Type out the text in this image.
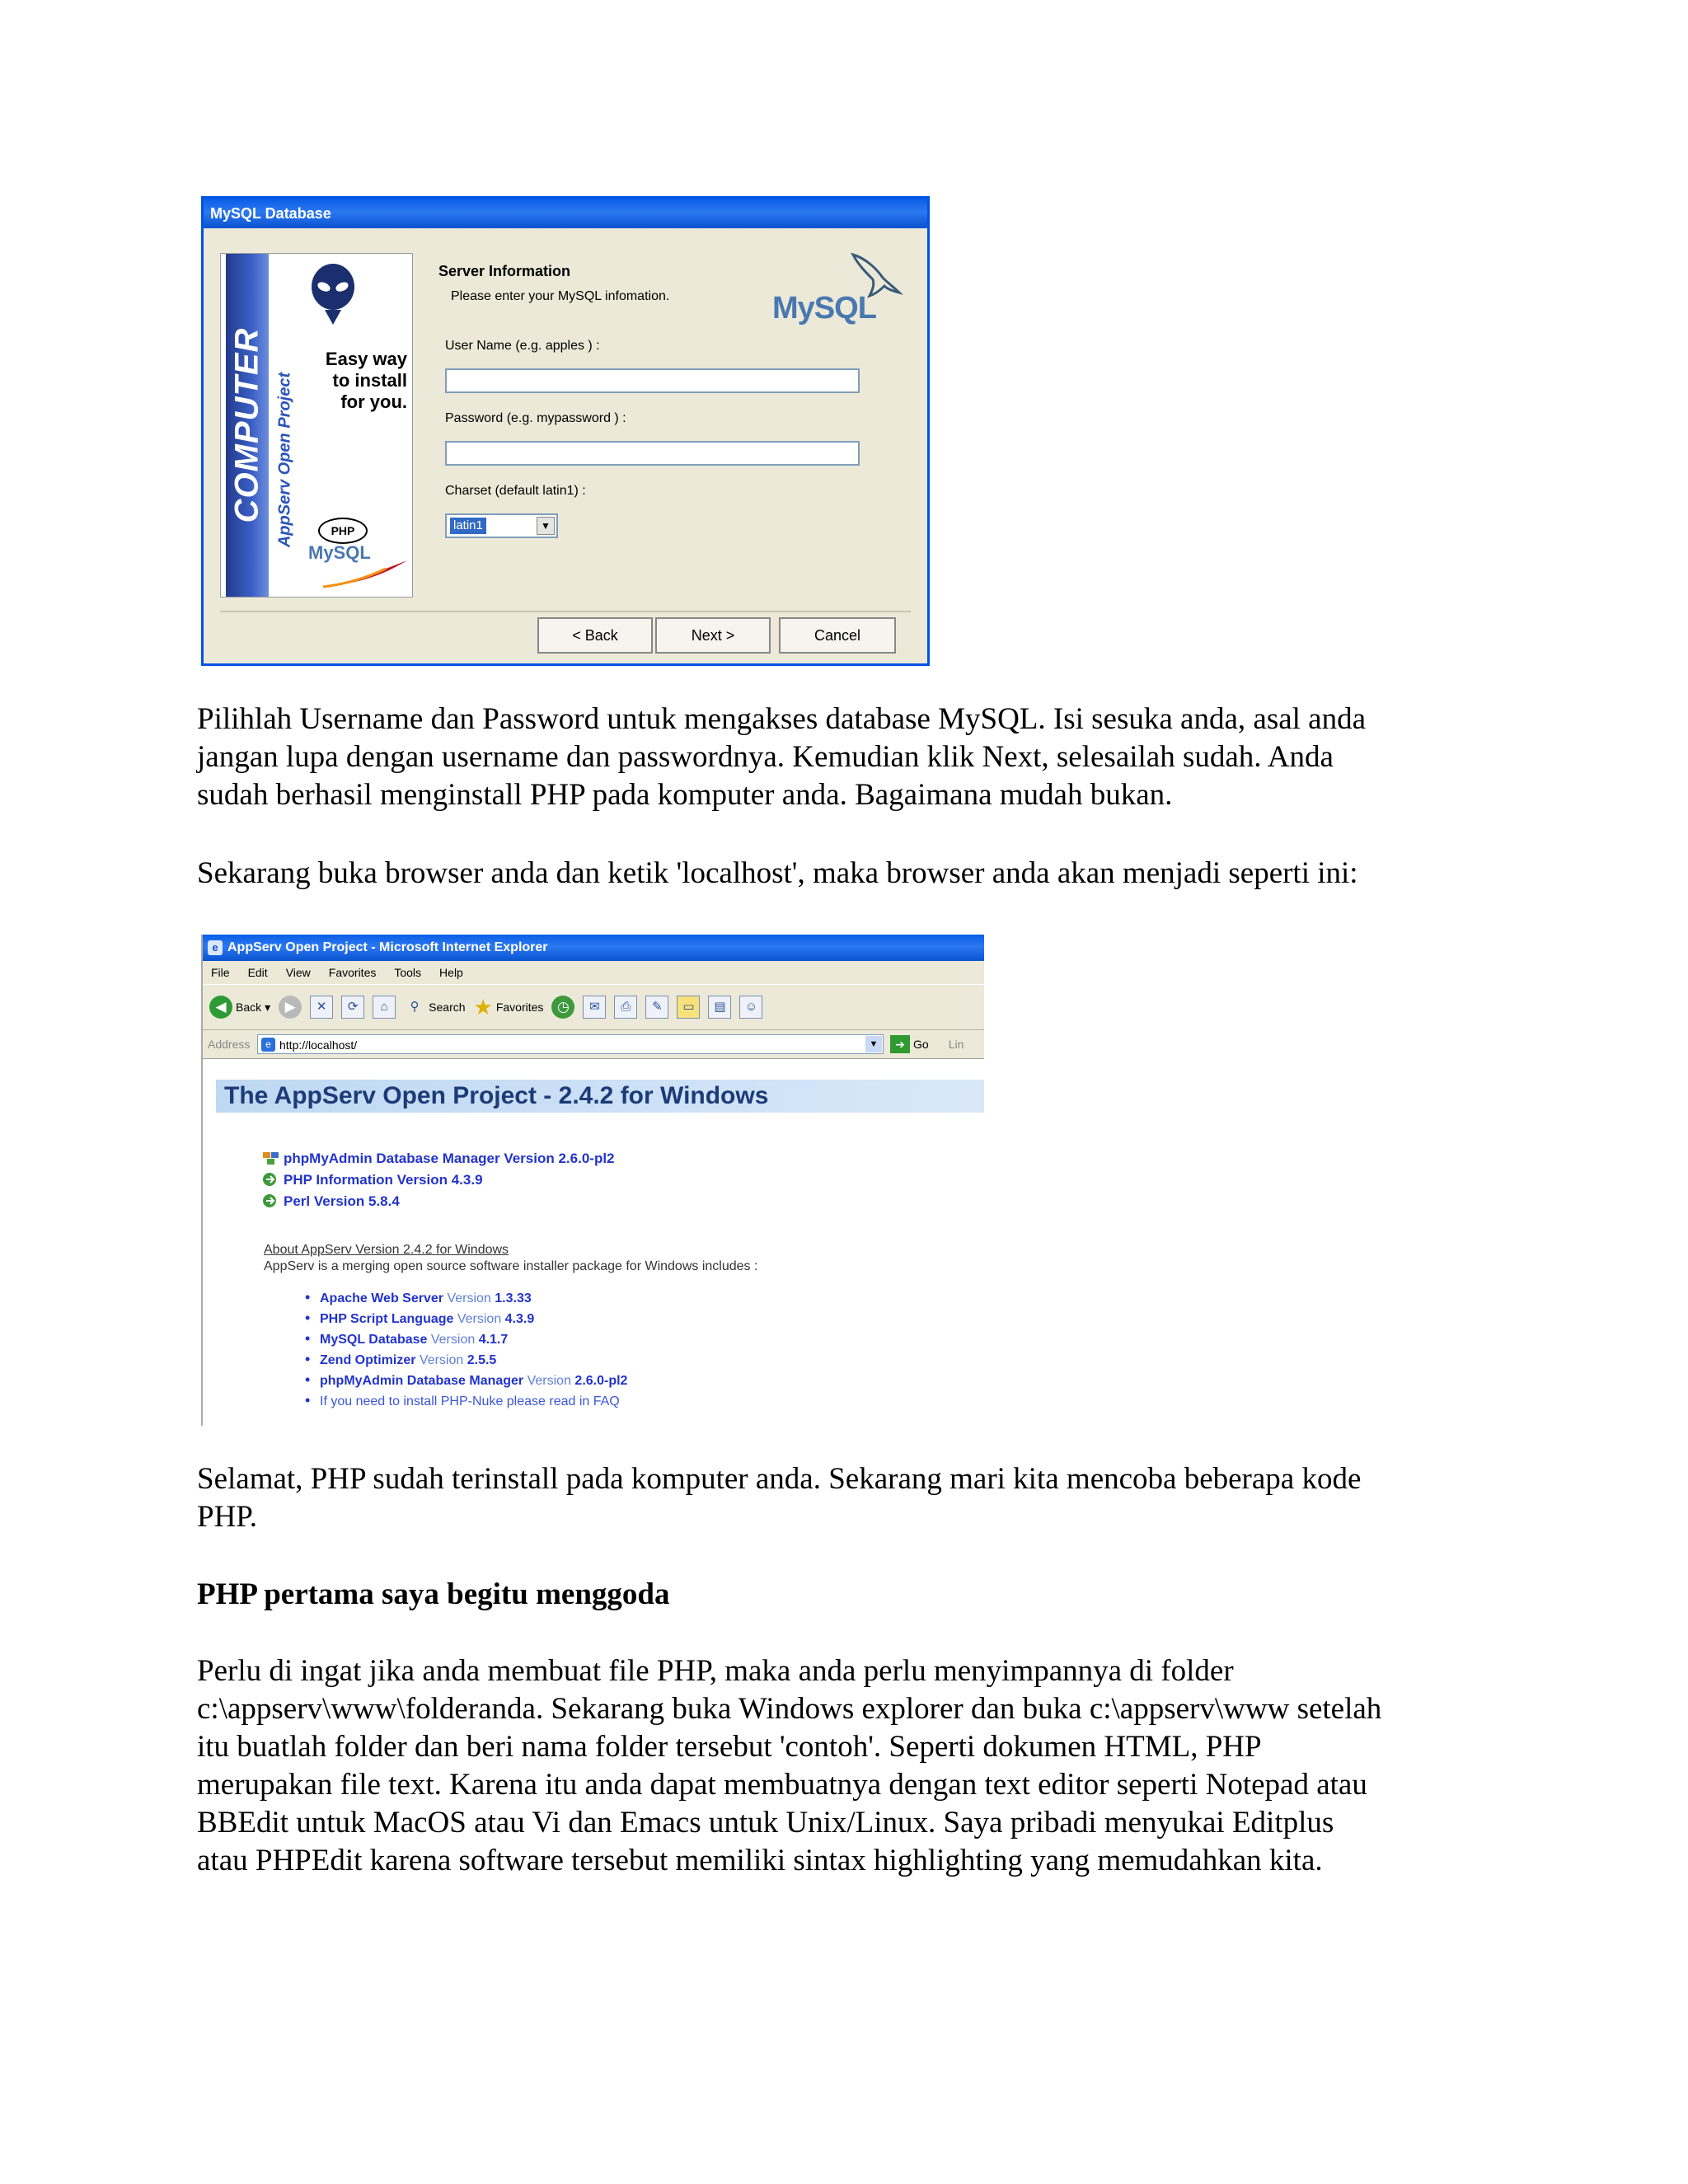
MySQL Database
COMPUTER AppServ Open Project
Easy way
to install
for you.
PHP
MySQL
Server Information
Please enter your MySQL infomation.	MySQL
User Name (e.g. apples ) :
Password (e.g. mypassword ) :
Charset (default latin1) :
latin1	▼
< Back	Next >	Cancel

Pilihlah Username dan Password untuk mengakses database MySQL. Isi sesuka anda, asal anda
jangan lupa dengan username dan passwordnya. Kemudian klik Next, selesailah sudah. Anda
sudah berhasil menginstall PHP pada komputer anda. Bagaimana mudah bukan.

Sekarang buka browser anda dan ketik 'localhost', maka browser anda akan menjadi seperti ini:

e AppServ Open Project - Microsoft Internet Explorer
File Edit View Favorites Tools Help
◀ Back ▾	▶	✕	⟳	⌂	⚲ Search ★ Favorites ◷	✉	⎙	✎	▭	▤	☺
Address	e http://localhost/	▼	➔ Go Lin
The AppServ Open Project - 2.4.2 for Windows
phpMyAdmin Database Manager Version 2.6.0-pl2
PHP Information Version 4.3.9
Perl Version 5.8.4
About AppServ Version 2.4.2 for Windows
AppServ is a merging open source software installer package for Windows includes :
• Apache Web Server Version 1.3.33
• PHP Script Language Version 4.3.9
• MySQL Database Version 4.1.7
• Zend Optimizer Version 2.5.5
• phpMyAdmin Database Manager Version 2.6.0-pl2
• If you need to install PHP-Nuke please read in FAQ

Selamat, PHP sudah terinstall pada komputer anda. Sekarang mari kita mencoba beberapa kode
PHP.

PHP pertama saya begitu menggoda

Perlu di ingat jika anda membuat file PHP, maka anda perlu menyimpannya di folder
c:\appserv\www\folderanda. Sekarang buka Windows explorer dan buka c:\appserv\www setelah
itu buatlah folder dan beri nama folder tersebut 'contoh'. Seperti dokumen HTML, PHP
merupakan file text. Karena itu anda dapat membuatnya dengan text editor seperti Notepad atau
BBEdit untuk MacOS atau Vi dan Emacs untuk Unix/Linux. Saya pribadi menyukai Editplus
atau PHPEdit karena software tersebut memiliki sintax highlighting yang memudahkan kita.
